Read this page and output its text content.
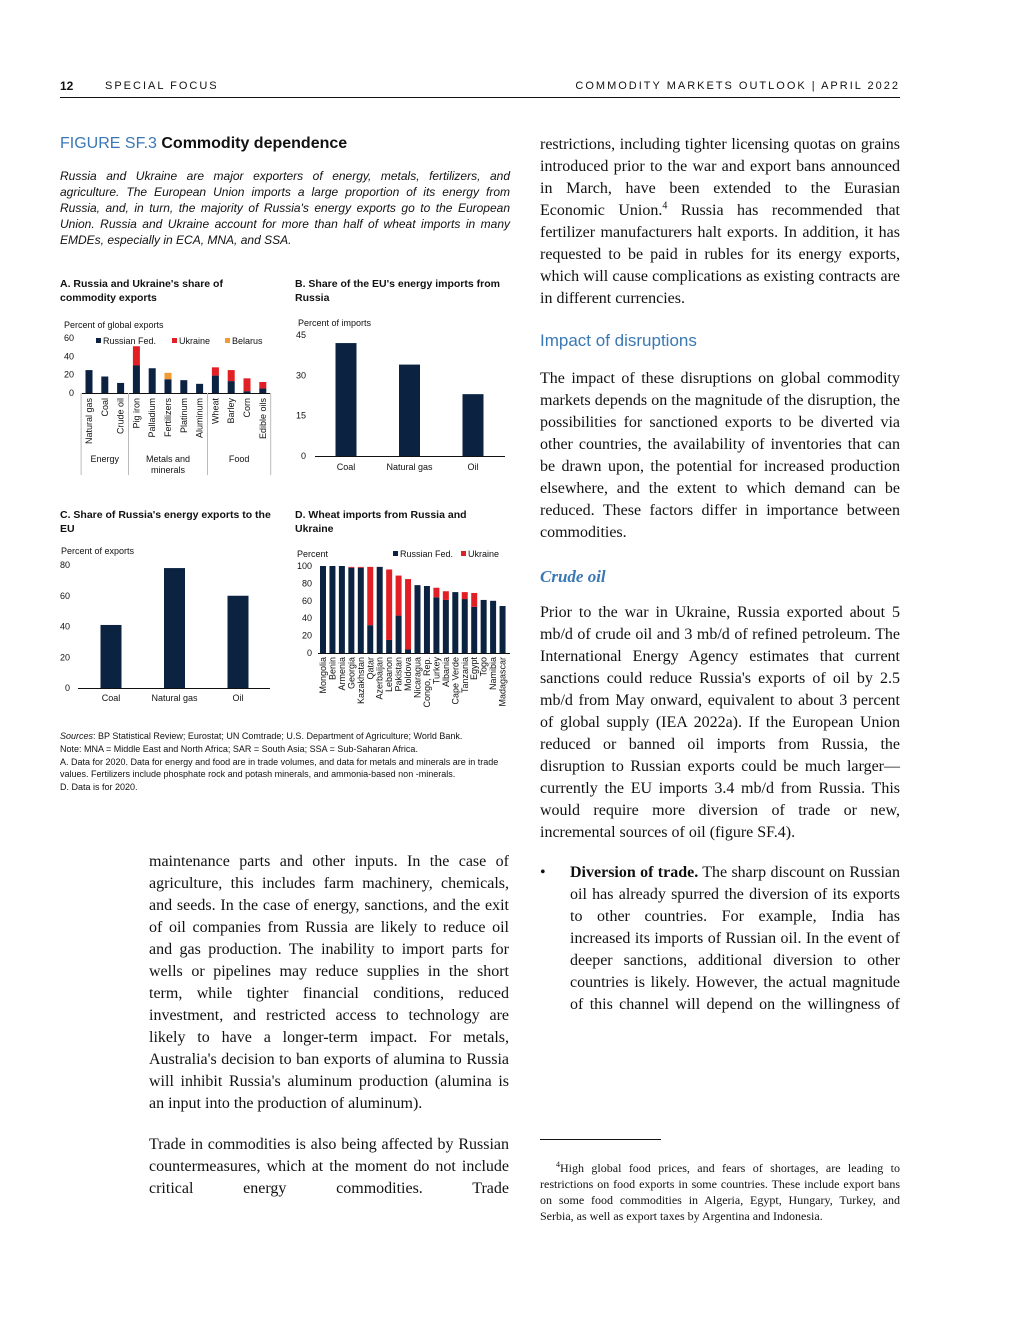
12	SPECIAL FOCUS	COMMODITY MARKETS OUTLOOK | APRIL 2022
FIGURE SF.3 Commodity dependence
Russia and Ukraine are major exporters of energy, metals, fertilizers, and agriculture. The European Union imports a large proportion of its energy from Russia, and, in turn, the majority of Russia's energy exports go to the European Union. Russia and Ukraine account for more than half of wheat imports in many EMDEs, especially in ECA, MNA, and SSA.
A. Russia and Ukraine's share of commodity exports
B. Share of the EU's energy imports from Russia
C. Share of Russia's energy exports to the EU
D. Wheat imports from Russia and Ukraine
Percent of global exports	Percent of imports
Percent of exports	Percent
0
20
40
60
Natural gas Coal Crude oil Pig iron Palladium Fertilizers Platinum Aluminum Wheat Barley Corn Edible oils
Energy	Metals and
minerals
Food
Russian Fed.	Ukraine Belarus
0
15
30
45
Coal	Natural gas	Oil
0
20
40
60
80
Coal	Natural gas	Oil
0
20
40
60
80
100
Mongolia Benin Armenia Georgia Kazakhstan Qatar Azerbaijan Lebanon Pakistan Moldova Nicaragua Congo, Rep. Turkey Albania Cape Verde Tanzania Egypt Togo Namibia Madagascar
Russian Fed. Ukraine

Sources: BP Statistical Review; Eurostat; UN Comtrade; U.S. Department of Agriculture; World Bank.

Note: MNA = Middle East and North Africa; SAR = South Asia; SSA = Sub-Saharan Africa.

A. Data for 2020. Data for energy and food are in trade volumes, and data for metals and minerals are in trade values. Fertilizers include phosphate rock and potash minerals, and ammonia-based non -minerals.

D. Data is for 2020.

maintenance parts and other inputs. In the case of agriculture, this includes farm machinery, chemicals, and seeds. In the case of energy, sanctions, and the exit of oil companies from Russia are likely to reduce oil and gas production. The inability to import parts for wells or pipelines may reduce supplies in the short term, while tighter financial conditions, reduced investment, and restricted access to technology are likely to have a longer-term impact. For metals, Australia's decision to ban exports of alumina to Russia will inhibit Russia's aluminum production (alumina is an input into the production of aluminum).

Trade in commodities is also being affected by Russian countermeasures, which at the moment do not include critical energy commodities. Trade

restrictions, including tighter licensing quotas on grains introduced prior to the war and export bans announced in March, have been extended to the Eurasian Economic Union.$^4$ Russia has recommended that fertilizer manufacturers halt exports. In addition, it has requested to be paid in rubles for its energy exports, which will cause complications as existing contracts are in different currencies.

Impact of disruptions

The impact of these disruptions on global commodity markets depends on the magnitude of the disruption, the possibilities for sanctioned exports to be diverted via other countries, the availability of inventories that can be drawn upon, the potential for increased production elsewhere, and the extent to which demand can be reduced. These factors differ in importance between commodities.

Crude oil

Prior to the war in Ukraine, Russia exported about 5 mb/d of crude oil and 3 mb/d of refined petroleum. The International Energy Agency estimates that current sanctions could reduce Russia's exports of oil by 2.5 mb/d from May onward, equivalent to about 3 percent of global supply (IEA 2022a). If the European Union reduced or banned oil imports from Russia, the disruption to Russian exports could be much larger—currently the EU imports 3.4 mb/d from Russia. This would require more diversion of trade or new, incremental sources of oil (figure SF.4).

• Diversion of trade. The sharp discount on Russian oil has already spurred the diversion of its exports to other countries. For example, India has increased its imports of Russian oil. In the event of deeper sanctions, additional diversion to other countries is likely. However, the actual magnitude of this channel will depend on the willingness of

$^4$High global food prices, and fears of shortages, are leading to restrictions on food exports in some countries. These include export bans on some food commodities in Algeria, Egypt, Hungary, Turkey, and Serbia, as well as export taxes by Argentina and Indonesia.
